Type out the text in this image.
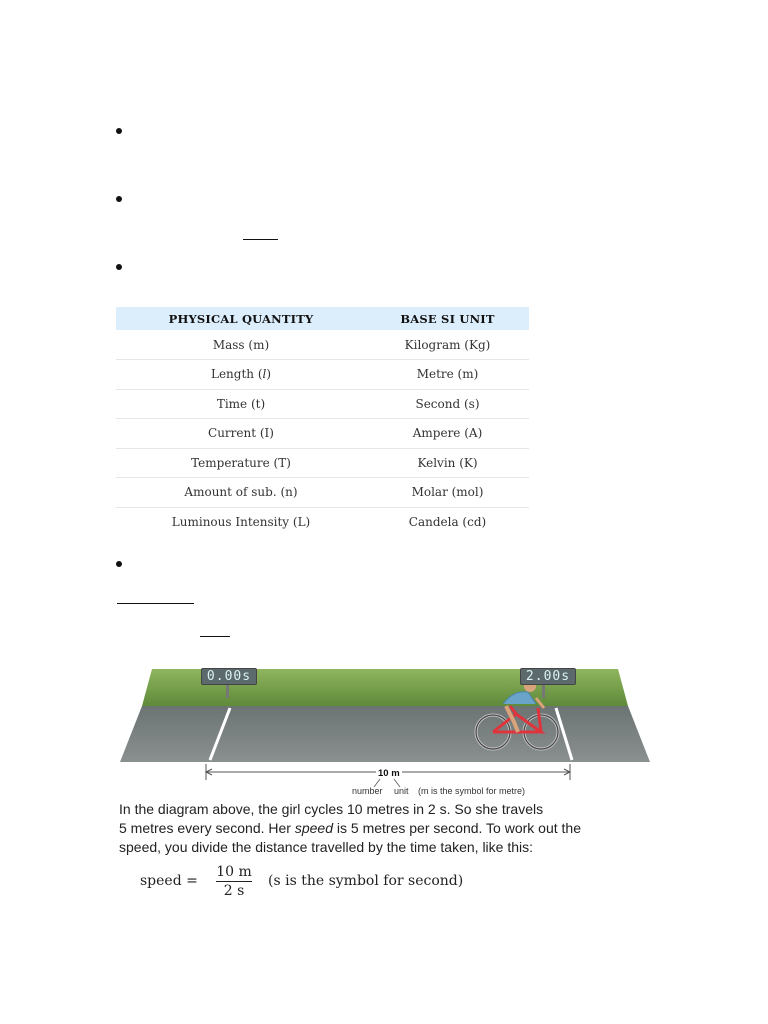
PHYSICAL QUANTITY	BASE SI UNIT
Mass (m)	Kilogram (Kg)
Length (l)	Metre (m)
Time (t)	Second (s)
Current (I)	Ampere (A)
Temperature (T)	Kelvin (K)
Amount of sub. (n)	Molar (mol)
Luminous Intensity (L)	Candela (cd)
0.00s	2.00s
10 m
number unit (m is the symbol for metre)
In the diagram above, the girl cycles 10 metres in 2 s. So she travels
5 metres every second. Her speed is 5 metres per second. To work out the
speed, you divide the distance travelled by the time taken, like this:
speed = $\frac{10 m}{2 s} (s$ is the symbol for second)
